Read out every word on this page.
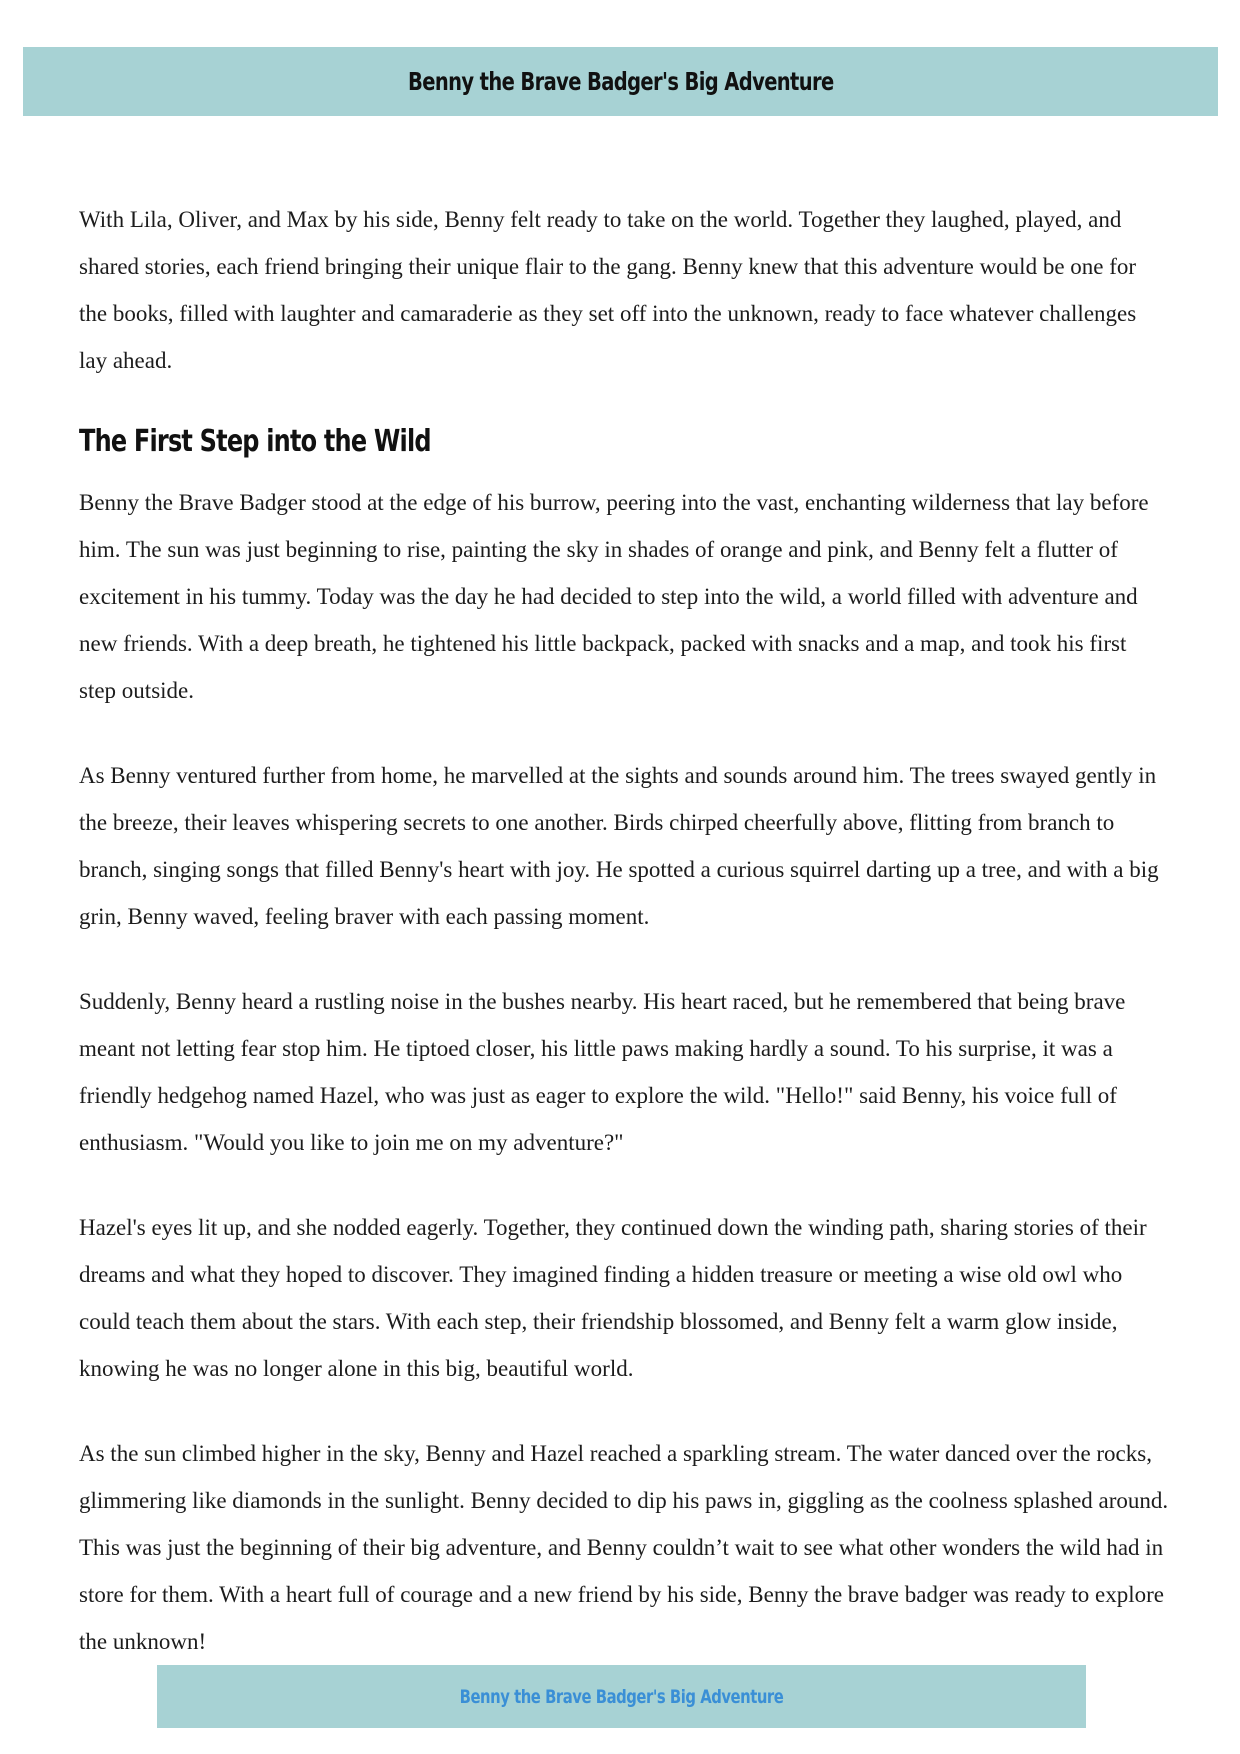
Benny the Brave Badger's Big Adventure

With Lila, Oliver, and Max by his side, Benny felt ready to take on the world. Together they laughed, played, and shared stories, each friend bringing their unique flair to the gang. Benny knew that this adventure would be one for the books, filled with laughter and camaraderie as they set off into the unknown, ready to face whatever challenges lay ahead.

The First Step into the Wild

Benny the Brave Badger stood at the edge of his burrow, peering into the vast, enchanting wilderness that lay before him. The sun was just beginning to rise, painting the sky in shades of orange and pink, and Benny felt a flutter of excitement in his tummy. Today was the day he had decided to step into the wild, a world filled with adventure and new friends. With a deep breath, he tightened his little backpack, packed with snacks and a map, and took his first step outside.

As Benny ventured further from home, he marvelled at the sights and sounds around him. The trees swayed gently in the breeze, their leaves whispering secrets to one another. Birds chirped cheerfully above, flitting from branch to branch, singing songs that filled Benny's heart with joy. He spotted a curious squirrel darting up a tree, and with a big grin, Benny waved, feeling braver with each passing moment.

Suddenly, Benny heard a rustling noise in the bushes nearby. His heart raced, but he remembered that being brave meant not letting fear stop him. He tiptoed closer, his little paws making hardly a sound. To his surprise, it was a friendly hedgehog named Hazel, who was just as eager to explore the wild. "Hello!" said Benny, his voice full of enthusiasm. "Would you like to join me on my adventure?"

Hazel's eyes lit up, and she nodded eagerly. Together, they continued down the winding path, sharing stories of their dreams and what they hoped to discover. They imagined finding a hidden treasure or meeting a wise old owl who could teach them about the stars. With each step, their friendship blossomed, and Benny felt a warm glow inside, knowing he was no longer alone in this big, beautiful world.

As the sun climbed higher in the sky, Benny and Hazel reached a sparkling stream. The water danced over the rocks, glimmering like diamonds in the sunlight. Benny decided to dip his paws in, giggling as the coolness splashed around. This was just the beginning of their big adventure, and Benny couldn’t wait to see what other wonders the wild had in store for them. With a heart full of courage and a new friend by his side, Benny the brave badger was ready to explore the unknown!

Benny the Brave Badger's Big Adventure
